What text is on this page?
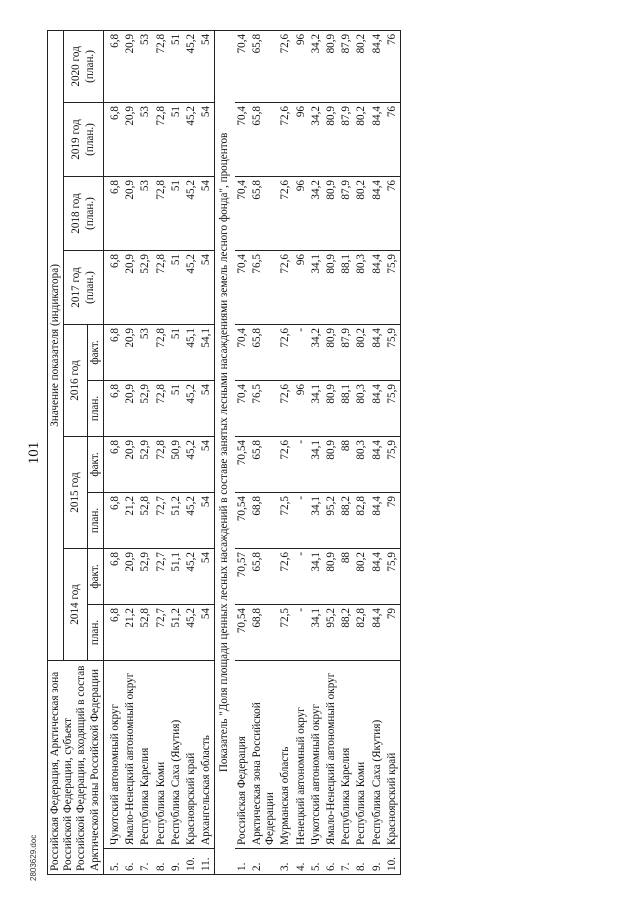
2803629.doc
101
Российская Федерация, Арктическая зона Российской Федерации, субъект Российской Федерации, входящий в состав Арктической зоны Российской Федерации		Значение показателя (индикатора)									
		2014 год		2015 год		2016 год		2017 год (план.)	2018 год (план.)	2019 год (план.)	2020 год (план.)
		план.	факт.	план.	факт.	план.	факт.				
5.	Чукотский автономный округ	6,8	6,8	6,8	6,8	6,8	6,8	6,8	6,8	6,8	6,8
6.	Ямало-Ненецкий автономный округ	21,2	20,9	21,2	20,9	20,9	20,9	20,9	20,9	20,9	20,9
7.	Республика Карелия	52,8	52,9	52,8	52,9	52,9	53	52,9	53	53	53
8.	Республика Коми	72,7	72,7	72,7	72,8	72,8	72,8	72,8	72,8	72,8	72,8
9.	Республика Саха (Якутия)	51,2	51,1	51,2	50,9	51	51	51	51	51	51
10.	Красноярский край	45,2	45,2	45,2	45,2	45,2	45,1	45,2	45,2	45,2	45,2
11.	Архангельская область	54	54	54	54	54	54,1	54	54	54	54
Показатель "Доля площади ценных лесных насаждений в составе занятых лесными насаждениями земель лесного фонда", процентов											
1.	Российская Федерация	70,54	70,57	70,54	70,54	70,4	70,4	70,4	70,4	70,4	70,4
2.	Арктическая зона Российской Федерации	68,8	65,8	68,8	65,8	76,5	65,8	76,5	65,8	65,8	65,8
3.	Мурманская область	72,5	72,6	72,5	72,6	72,6	72,6	72,6	72,6	72,6	72,6
4.	Ненецкий автономный округ	-	-	-	-	96	-	96	96	96	96
5.	Чукотский автономный округ	34,1	34,1	34,1	34,1	34,1	34,2	34,1	34,2	34,2	34,2
6.	Ямало-Ненецкий автономный округ	95,2	80,9	95,2	80,9	80,9	80,9	80,9	80,9	80,9	80,9
7.	Республика Карелия	88,2	88	88,2	88	88,1	87,9	88,1	87,9	87,9	87,9
8.	Республика Коми	82,8	80,2	82,8	80,3	80,3	80,2	80,3	80,2	80,2	80,2
9.	Республика Саха (Якутия)	84,4	84,4	84,4	84,4	84,4	84,4	84,4	84,4	84,4	84,4
10.	Красноярский край	79	75,9	79	75,9	75,9	75,9	75,9	76	76	76
